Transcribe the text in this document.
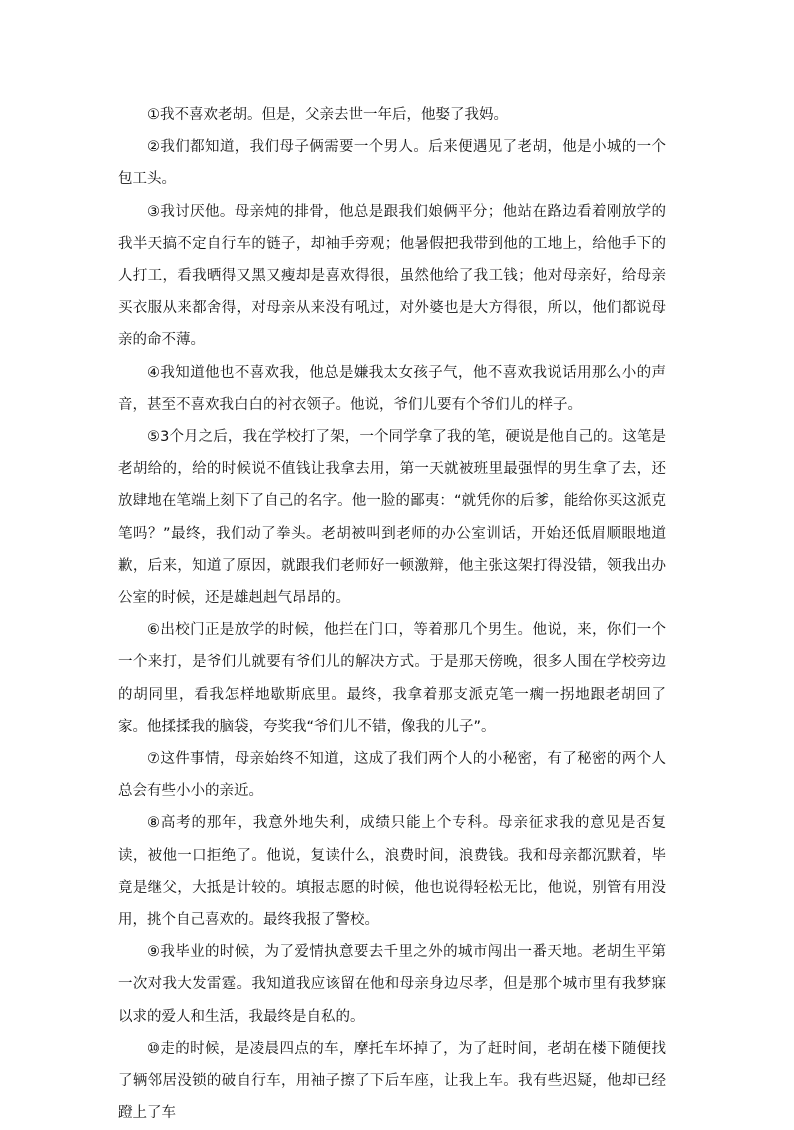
①我不喜欢老胡。但是，父亲去世一年后，他娶了我妈。

②我们都知道，我们母子俩需要一个男人。后来便遇见了老胡，他是小城的一个包工头。

③我讨厌他。母亲炖的排骨，他总是跟我们娘俩平分；他站在路边看着刚放学的我半天搞不定自行车的链子，却袖手旁观；他暑假把我带到他的工地上，给他手下的人打工，看我晒得又黑又瘦却是喜欢得很，虽然他给了我工钱；他对母亲好，给母亲买衣服从来都舍得，对母亲从来没有吼过，对外婆也是大方得很，所以，他们都说母亲的命不薄。

④我知道他也不喜欢我，他总是嫌我太女孩子气，他不喜欢我说话用那么小的声音，甚至不喜欢我白白的衬衣领子。他说，爷们儿要有个爷们儿的样子。

⑤3个月之后，我在学校打了架，一个同学拿了我的笔，硬说是他自己的。这笔是老胡给的，给的时候说不值钱让我拿去用，第一天就被班里最强悍的男生拿了去，还放肆地在笔端上刻下了自己的名字。他一脸的鄙夷：“就凭你的后爹，能给你买这派克笔吗？”最终，我们动了拳头。老胡被叫到老师的办公室训话，开始还低眉顺眼地道歉，后来，知道了原因，就跟我们老师好一顿激辩，他主张这架打得没错，领我出办公室的时候，还是雄赳赳气昂昂的。

⑥出校门正是放学的时候，他拦在门口，等着那几个男生。他说，来，你们一个一个来打，是爷们儿就要有爷们儿的解决方式。于是那天傍晚，很多人围在学校旁边的胡同里，看我怎样地歇斯底里。最终，我拿着那支派克笔一瘸一拐地跟老胡回了家。他揉揉我的脑袋，夸奖我“爷们儿不错，像我的儿子”。

⑦这件事情，母亲始终不知道，这成了我们两个人的小秘密，有了秘密的两个人总会有些小小的亲近。

⑧高考的那年，我意外地失利，成绩只能上个专科。母亲征求我的意见是否复读，被他一口拒绝了。他说，复读什么，浪费时间，浪费钱。我和母亲都沉默着，毕竟是继父，大抵是计较的。填报志愿的时候，他也说得轻松无比，他说，别管有用没用，挑个自己喜欢的。最终我报了警校。

⑨我毕业的时候，为了爱情执意要去千里之外的城市闯出一番天地。老胡生平第一次对我大发雷霆。我知道我应该留在他和母亲身边尽孝，但是那个城市里有我梦寐以求的爱人和生活，我最终是自私的。

⑩走的时候，是凌晨四点的车，摩托车坏掉了，为了赶时间，老胡在楼下随便找了辆邻居没锁的破自行车，用袖子擦了下后车座，让我上车。我有些迟疑，他却已经蹬上了车
